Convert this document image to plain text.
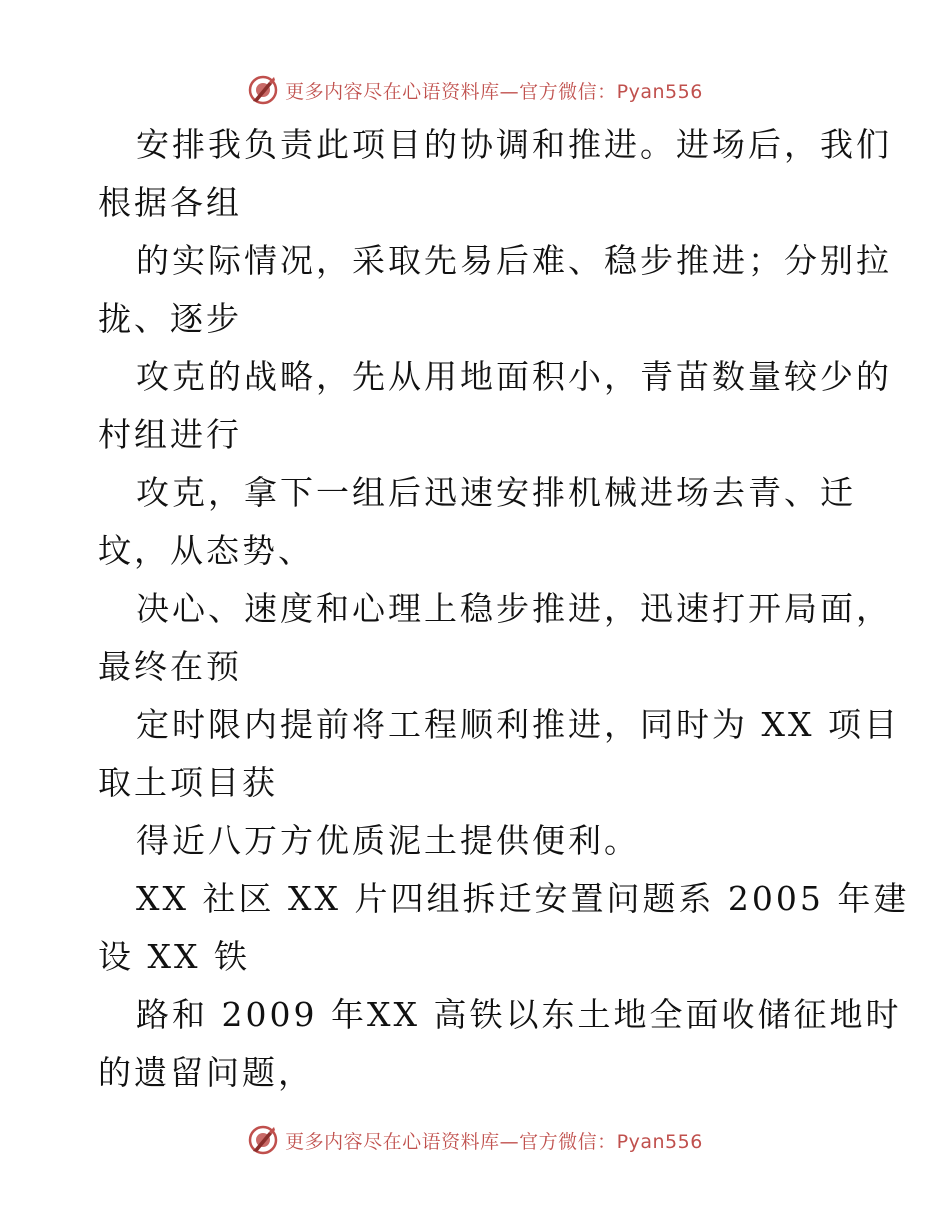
更多内容尽在心语资料库—官方微信：Pyan556

安排我负责此项目的协调和推进。进场后，我们
根据各组

的实际情况，采取先易后难、稳步推进；分别拉
拢、逐步

攻克的战略，先从用地面积小，青苗数量较少的
村组进行

攻克，拿下一组后迅速安排机械进场去青、迁
坟，从态势、

决心、速度和心理上稳步推进，迅速打开局面，
最终在预

定时限内提前将工程顺利推进，同时为 XX 项目
取土项目获

得近八万方优质泥土提供便利。

XX 社区 XX 片四组拆迁安置问题系 2005 年建
设 XX 铁

路和 2009 年XX 高铁以东土地全面收储征地时
的遗留问题，

更多内容尽在心语资料库—官方微信：Pyan556
